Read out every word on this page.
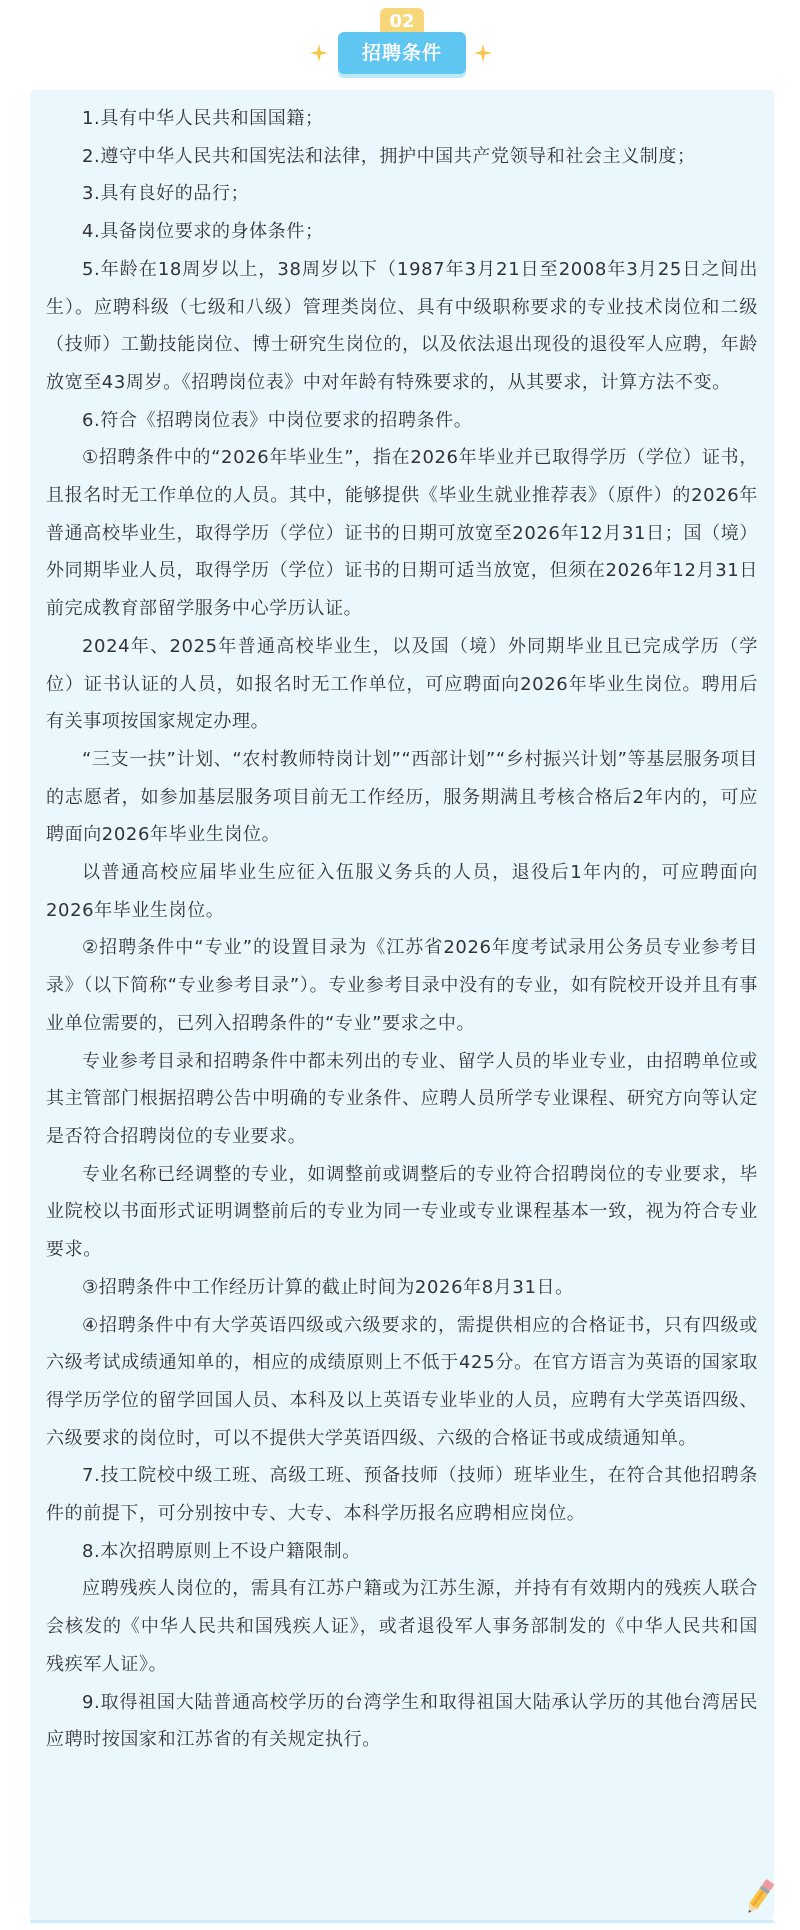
02
招聘条件

1.具有中华人民共和国国籍；

2.遵守中华人民共和国宪法和法律，拥护中国共产党领导和社会主义制度；

3.具有良好的品行；

4.具备岗位要求的身体条件；

5.年龄在18周岁以上，38周岁以下（1987年3月21日至2008年3月25日之间出生）。应聘科级（七级和八级）管理类岗位、具有中级职称要求的专业技术岗位和二级（技师）工勤技能岗位、博士研究生岗位的，以及依法退出现役的退役军人应聘，年龄放宽至43周岁。《招聘岗位表》中对年龄有特殊要求的，从其要求，计算方法不变。

6.符合《招聘岗位表》中岗位要求的招聘条件。

①招聘条件中的“2026年毕业生”，指在2026年毕业并已取得学历（学位）证书，且报名时无工作单位的人员。其中，能够提供《毕业生就业推荐表》（原件）的2026年普通高校毕业生，取得学历（学位）证书的日期可放宽至2026年12月31日；国（境）外同期毕业人员，取得学历（学位）证书的日期可适当放宽，但须在2026年12月31日前完成教育部留学服务中心学历认证。

2024年、2025年普通高校毕业生，以及国（境）外同期毕业且已完成学历（学位）证书认证的人员，如报名时无工作单位，可应聘面向2026年毕业生岗位。聘用后有关事项按国家规定办理。

“三支一扶”计划、“农村教师特岗计划”“西部计划”“乡村振兴计划”等基层服务项目的志愿者，如参加基层服务项目前无工作经历，服务期满且考核合格后2年内的，可应聘面向2026年毕业生岗位。

以普通高校应届毕业生应征入伍服义务兵的人员，退役后1年内的，可应聘面向2026年毕业生岗位。

②招聘条件中“专业”的设置目录为《江苏省2026年度考试录用公务员专业参考目录》（以下简称“专业参考目录”）。专业参考目录中没有的专业，如有院校开设并且有事业单位需要的，已列入招聘条件的“专业”要求之中。

专业参考目录和招聘条件中都未列出的专业、留学人员的毕业专业，由招聘单位或其主管部门根据招聘公告中明确的专业条件、应聘人员所学专业课程、研究方向等认定是否符合招聘岗位的专业要求。

专业名称已经调整的专业，如调整前或调整后的专业符合招聘岗位的专业要求，毕业院校以书面形式证明调整前后的专业为同一专业或专业课程基本一致，视为符合专业要求。

③招聘条件中工作经历计算的截止时间为2026年8月31日。

④招聘条件中有大学英语四级或六级要求的，需提供相应的合格证书，只有四级或六级考试成绩通知单的，相应的成绩原则上不低于425分。在官方语言为英语的国家取得学历学位的留学回国人员、本科及以上英语专业毕业的人员，应聘有大学英语四级、六级要求的岗位时，可以不提供大学英语四级、六级的合格证书或成绩通知单。

7.技工院校中级工班、高级工班、预备技师（技师）班毕业生，在符合其他招聘条件的前提下，可分别按中专、大专、本科学历报名应聘相应岗位。

8.本次招聘原则上不设户籍限制。

应聘残疾人岗位的，需具有江苏户籍或为江苏生源，并持有有效期内的残疾人联合会核发的《中华人民共和国残疾人证》，或者退役军人事务部制发的《中华人民共和国残疾军人证》。

9.取得祖国大陆普通高校学历的台湾学生和取得祖国大陆承认学历的其他台湾居民应聘时按国家和江苏省的有关规定执行。
